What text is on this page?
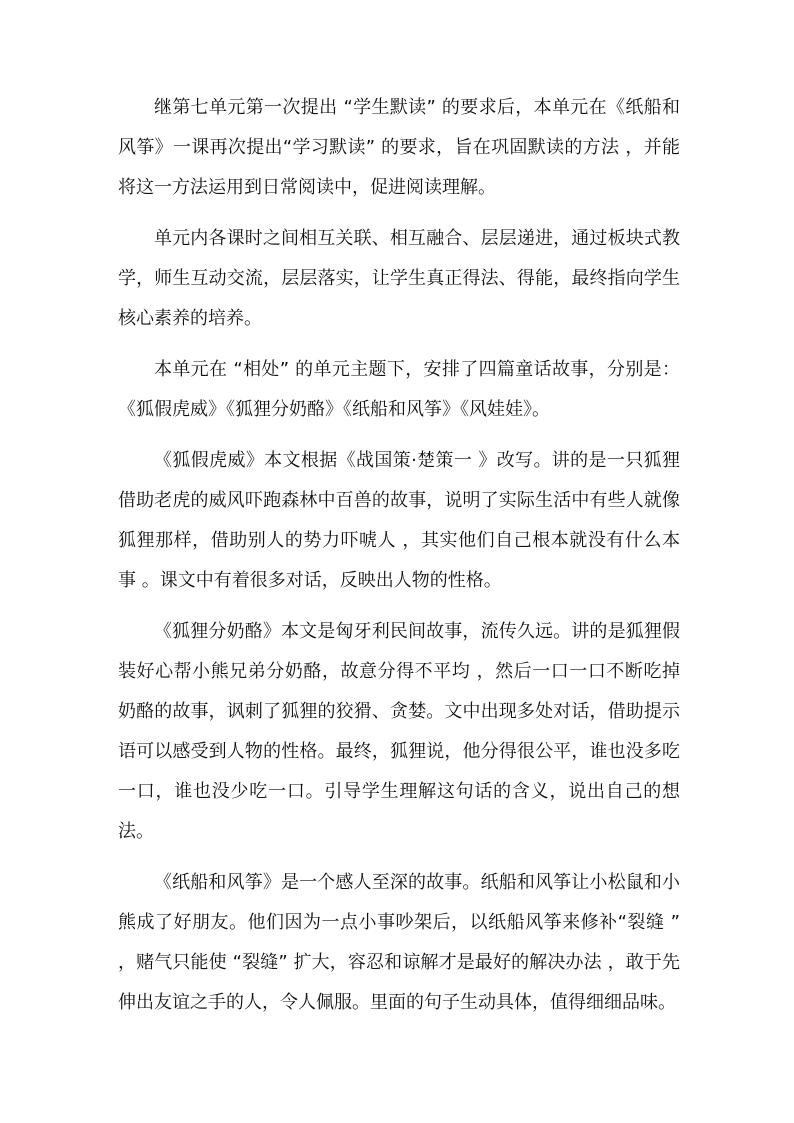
继第七单元第一次提出 “学生默读” 的要求后，本单元在《纸船和风筝》一课再次提出“学习默读” 的要求，旨在巩固默读的方法 ，并能将这一方法运用到日常阅读中，促进阅读理解。

单元内各课时之间相互关联、相互融合、层层递进，通过板块式教学，师生互动交流，层层落实，让学生真正得法、得能，最终指向学生核心素养的培养。

本单元在 “相处” 的单元主题下，安排了四篇童话故事，分别是：《狐假虎威》《狐狸分奶酪》《纸船和风筝》《风娃娃》。

《狐假虎威》本文根据《战国策·楚策一 》改写。讲的是一只狐狸借助老虎的威风吓跑森林中百兽的故事，说明了实际生活中有些人就像狐狸那样，借助别人的势力吓唬人 ，其实他们自己根本就没有什么本事 。课文中有着很多对话，反映出人物的性格。

《狐狸分奶酪》本文是匈牙利民间故事，流传久远。讲的是狐狸假装好心帮小熊兄弟分奶酪，故意分得不平均 ，然后一口一口不断吃掉奶酪的故事，讽刺了狐狸的狡猾、贪婪。文中出现多处对话，借助提示语可以感受到人物的性格。最终，狐狸说，他分得很公平，谁也没多吃一口，谁也没少吃一口。引导学生理解这句话的含义，说出自己的想法。

《纸船和风筝》是一个感人至深的故事。纸船和风筝让小松鼠和小熊成了好朋友。他们因为一点小事吵架后，以纸船风筝来修补“裂缝 ” ，赌气只能使 “裂缝” 扩大，容忍和谅解才是最好的解决办法 ，敢于先伸出友谊之手的人，令人佩服。里面的句子生动具体，值得细细品味。
